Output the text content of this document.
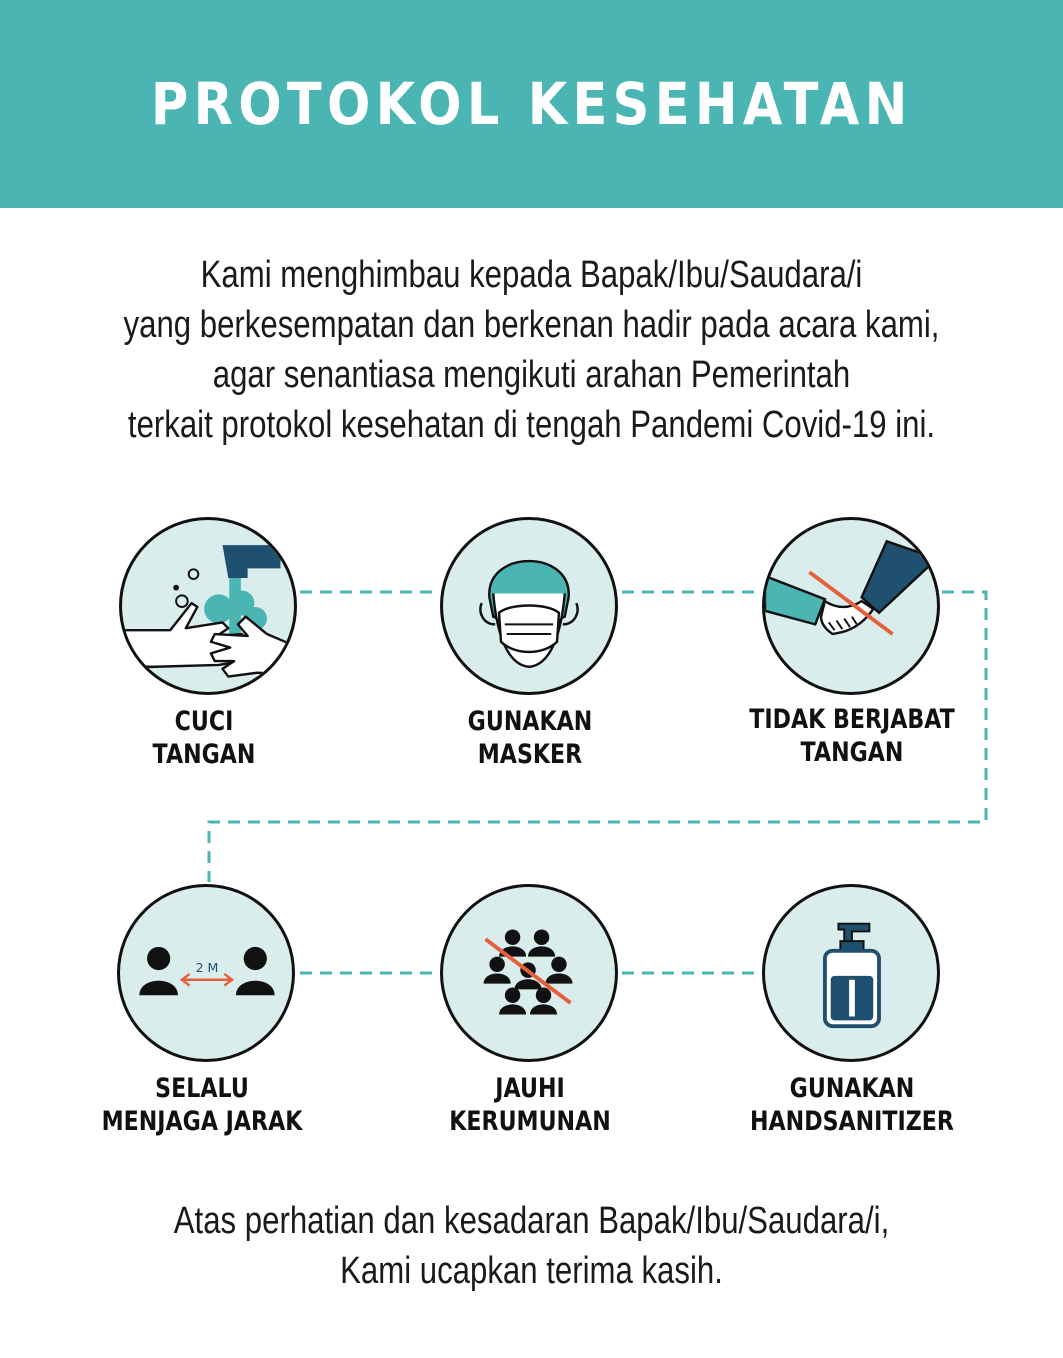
PROTOKOL KESEHATAN

Kami menghimbau kepada Bapak/Ibu/Saudara/i

yang berkesempatan dan berkenan hadir pada acara kami,

agar senantiasa mengikuti arahan Pemerintah

terkait protokol kesehatan di tengah Pandemi Covid-19 ini.

CUCI
TANGAN
GUNAKAN
MASKER
TIDAK BERJABAT
TANGAN
2 M
SELALU
MENJAGA JARAK
JAUHI
KERUMUNAN
GUNAKAN
HANDSANITIZER

Atas perhatian dan kesadaran Bapak/Ibu/Saudara/i,

Kami ucapkan terima kasih.
